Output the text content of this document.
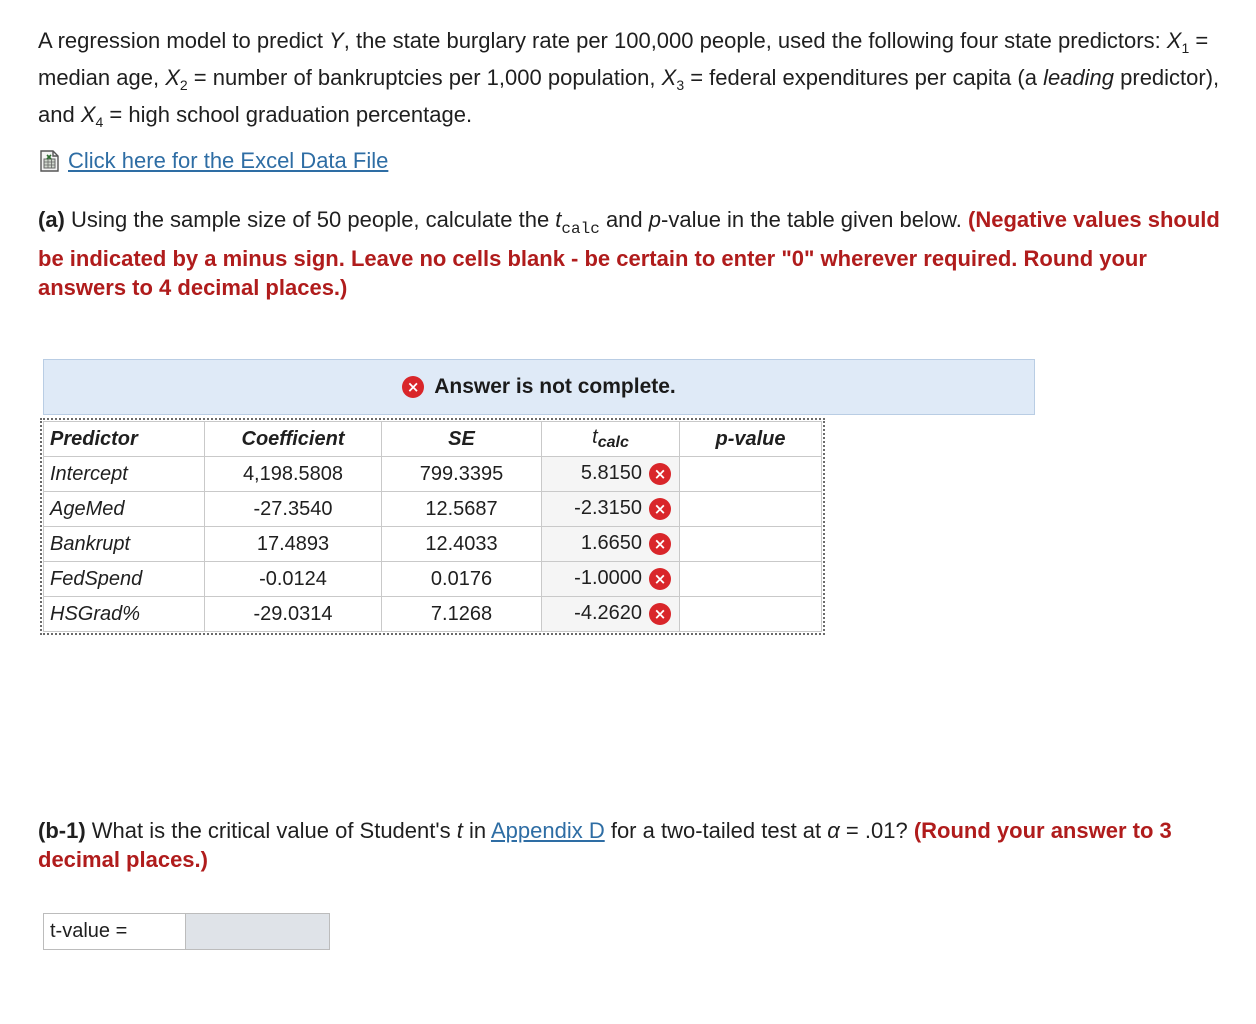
A regression model to predict Y, the state burglary rate per 100,000 people, used the following four state predictors: $X_1$ = median age, $X_2$ = number of bankruptcies per 1,000 population, $X_3$ = federal expenditures per capita (a leading predictor), and $X_4$ = high school graduation percentage.
Click here for the Excel Data File
(a) Using the sample size of 50 people, calculate the $t_{calc}$ and p-value in the table given below. (Negative values should be indicated by a minus sign. Leave no cells blank - be certain to enter "0" wherever required. Round your answers to 4 decimal places.)
× Answer is not complete.
Predictor	Coefficient	SE	$t_{calc}$	p-value
Intercept	4,198.5808	799.3395	5.8150 ×	
AgeMed	-27.3540	12.5687	-2.3150 ×	
Bankrupt	17.4893	12.4033	1.6650 ×	
FedSpend	-0.0124	0.0176	-1.0000 ×	
HSGrad%	-29.0314	7.1268	-4.2620 ×	
(b-1) What is the critical value of Student's t in Appendix D for a two-tailed test at α = .01? (Round your answer to 3 decimal places.)
t-value =
